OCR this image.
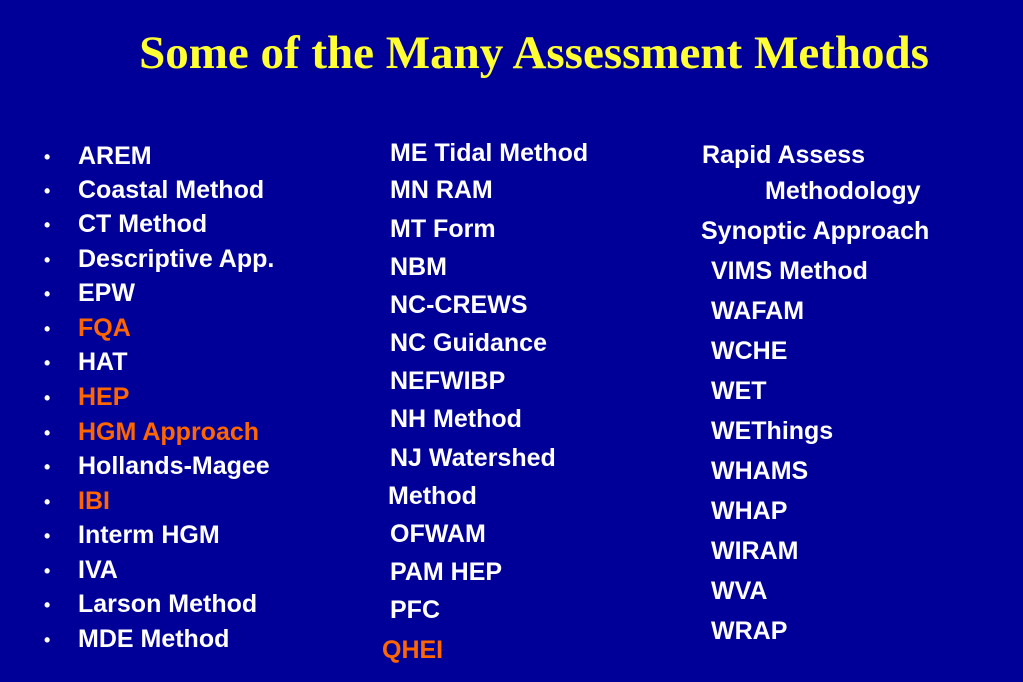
Some of the Many Assessment Methods
• AREM
• Coastal Method
• CT Method
• Descriptive App.
• EPW
• FQA
• HAT
• HEP
• HGM Approach
• Hollands-Magee
• IBI
• Interm HGM
• IVA
• Larson Method
• MDE Method
ME Tidal Method
MN RAM
MT Form
NBM
NC-CREWS
NC Guidance
NEFWIBP
NH Method
NJ Watershed
Method
OFWAM
PAM HEP
PFC
QHEI
Rapid Assess
Methodology
Synoptic Approach
VIMS Method
WAFAM
WCHE
WET
WEThings
WHAMS
WHAP
WIRAM
WVA
WRAP
